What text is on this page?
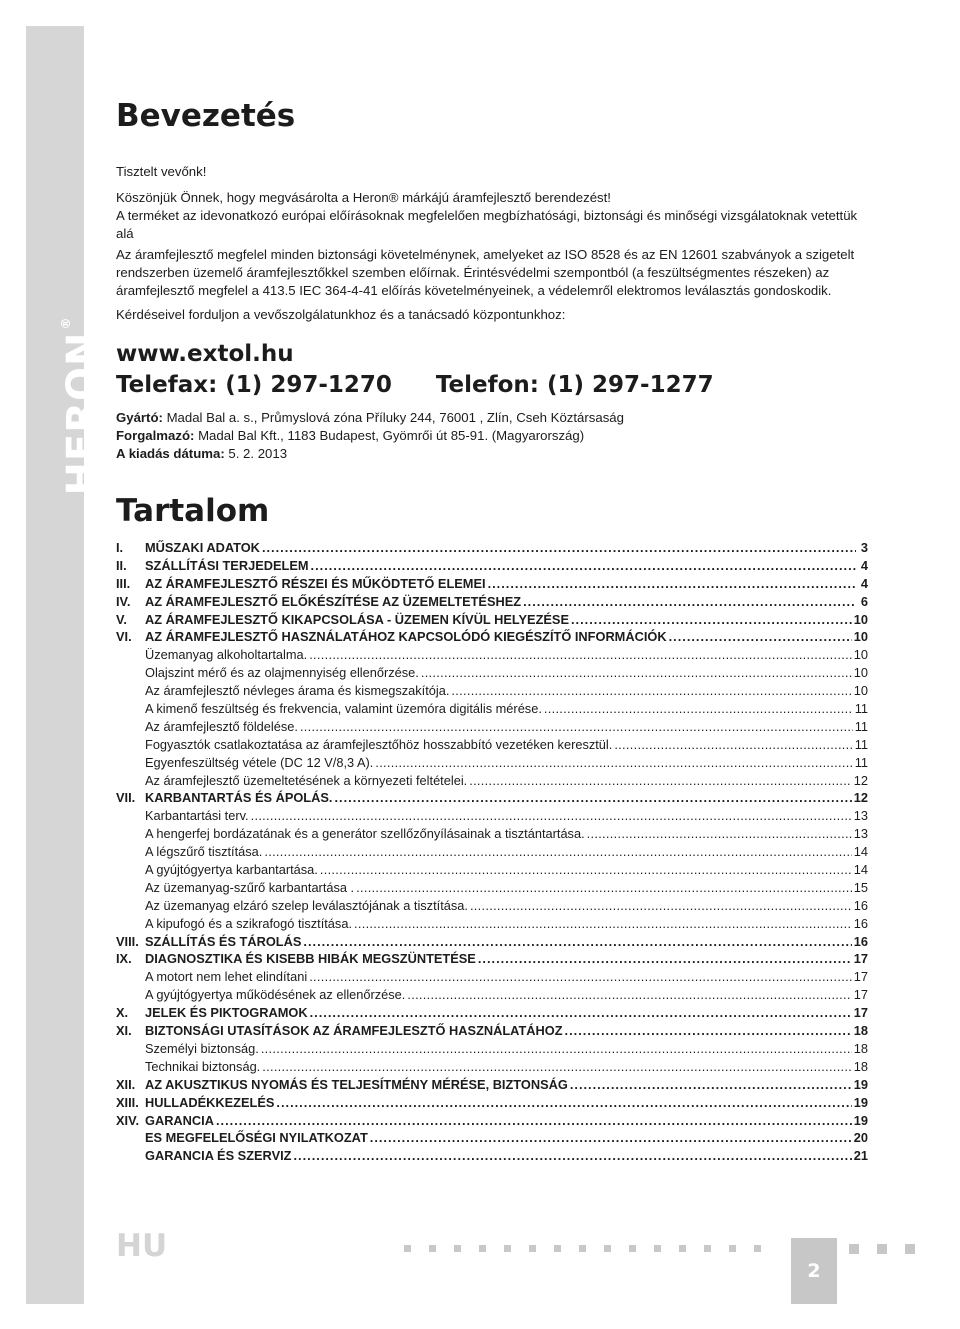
HERON®
Bevezetés

Tisztelt vevőnk!

Köszönjük Önnek, hogy megvásárolta a Heron® márkájú áramfejlesztő berendezést!

A terméket az idevonatkozó európai előírásoknak megfelelően megbízhatósági, biztonsági és minőségi vizsgálatoknak vetettük alá

Az áramfejlesztő megfelel minden biztonsági követelménynek, amelyeket az ISO 8528 és az EN 12601 szabványok a szigetelt rendszerben üzemelő áramfejlesztőkkel szemben előírnak. Érintésvédelmi szempontból (a feszültségmentes részeken) az áramfejlesztő megfelel a 413.5 IEC 364-4-41 előírás követelményeinek, a védelemről elektromos leválasztás gondoskodik.

Kérdéseivel forduljon a vevőszolgálatunkhoz és a tanácsadó központunkhoz:

www.extol.hu
Telefax: (1) 297-1270 Telefon: (1) 297-1277
Gyártó: Madal Bal a. s., Průmyslová zóna Příluky 244, 76001 , Zlín, Cseh Köztársaság
Forgalmazó: Madal Bal Kft., 1183 Budapest, Gyömrői út 85-91. (Magyarország)
A kiadás dátuma: 5. 2. 2013
Tartalom
I.	MŰSZAKI ADATOK .....	3
II.	SZÁLLÍTÁSI TERJEDELEM .....	4
III.	AZ ÁRAMFEJLESZTŐ RÉSZEI ÉS MŰKÖDTETŐ ELEMEI .....	4
IV.	AZ ÁRAMFEJLESZTŐ ELŐKÉSZÍTÉSE AZ ÜZEMELTETÉSHEZ .....	6
V.	AZ ÁRAMFEJLESZTŐ KIKAPCSOLÁSA - ÜZEMEN KÍVÜL HELYEZÉSE .....	10
VI.	AZ ÁRAMFEJLESZTŐ HASZNÁLATÁHOZ KAPCSOLÓDÓ KIEGÉSZÍTŐ INFORMÁCIÓK .....	10
Üzemanyag alkoholtartalma. .....	10
Olajszint mérő és az olajmennyiség ellenőrzése. .....	10
Az áramfejlesztő névleges árama és kismegszakítója. .....	10
A kimenő feszültség és frekvencia, valamint üzemóra digitális mérése. .....	11
Az áramfejlesztő földelése. .....	11
Fogyasztók csatlakoztatása az áramfejlesztőhöz hosszabbító vezetéken keresztül. .....	11
Egyenfeszültség vétele (DC 12 V/8,3 A). .....	11
Az áramfejlesztő üzemeltetésének a környezeti feltételei. .....	12
VII. KARBANTARTÁS ÉS ÁPOLÁS. .....	12
Karbantartási terv. .....	13
A hengerfej bordázatának és a generátor szellőzőnyílásainak a tisztántartása. .....	13
A légszűrő tisztítása. .....	14
A gyújtógyertya karbantartása. .....	14
Az üzemanyag-szűrő karbantartása . .....	15
Az üzemanyag elzáró szelep leválasztójának a tisztítása. .....	16
A kipufogó és a szikrafogó tisztítása. .....	16
VIII. SZÁLLÍTÁS ÉS TÁROLÁS .....	16
IX.	DIAGNOSZTIKA ÉS KISEBB HIBÁK MEGSZÜNTETÉSE .....	17
A motort nem lehet elindítani .....	17
A gyújtógyertya működésének az ellenőrzése. .....	17
X.	JELEK ÉS PIKTOGRAMOK .....	17
XI.	BIZTONSÁGI UTASÍTÁSOK AZ ÁRAMFEJLESZTŐ HASZNÁLATÁHOZ .....	18
Személyi biztonság. .....	18
Technikai biztonság. .....	18
XII. AZ AKUSZTIKUS NYOMÁS ÉS TELJESÍTMÉNY MÉRÉSE, BIZTONSÁG .....	19
XIII. HULLADÉKKEZELÉS .....	19
XIV. GARANCIA .....	19
ES MEGFELELŐSÉGI NYILATKOZAT .....	20
GARANCIA ÉS SZERVIZ .....	21
HU
2
